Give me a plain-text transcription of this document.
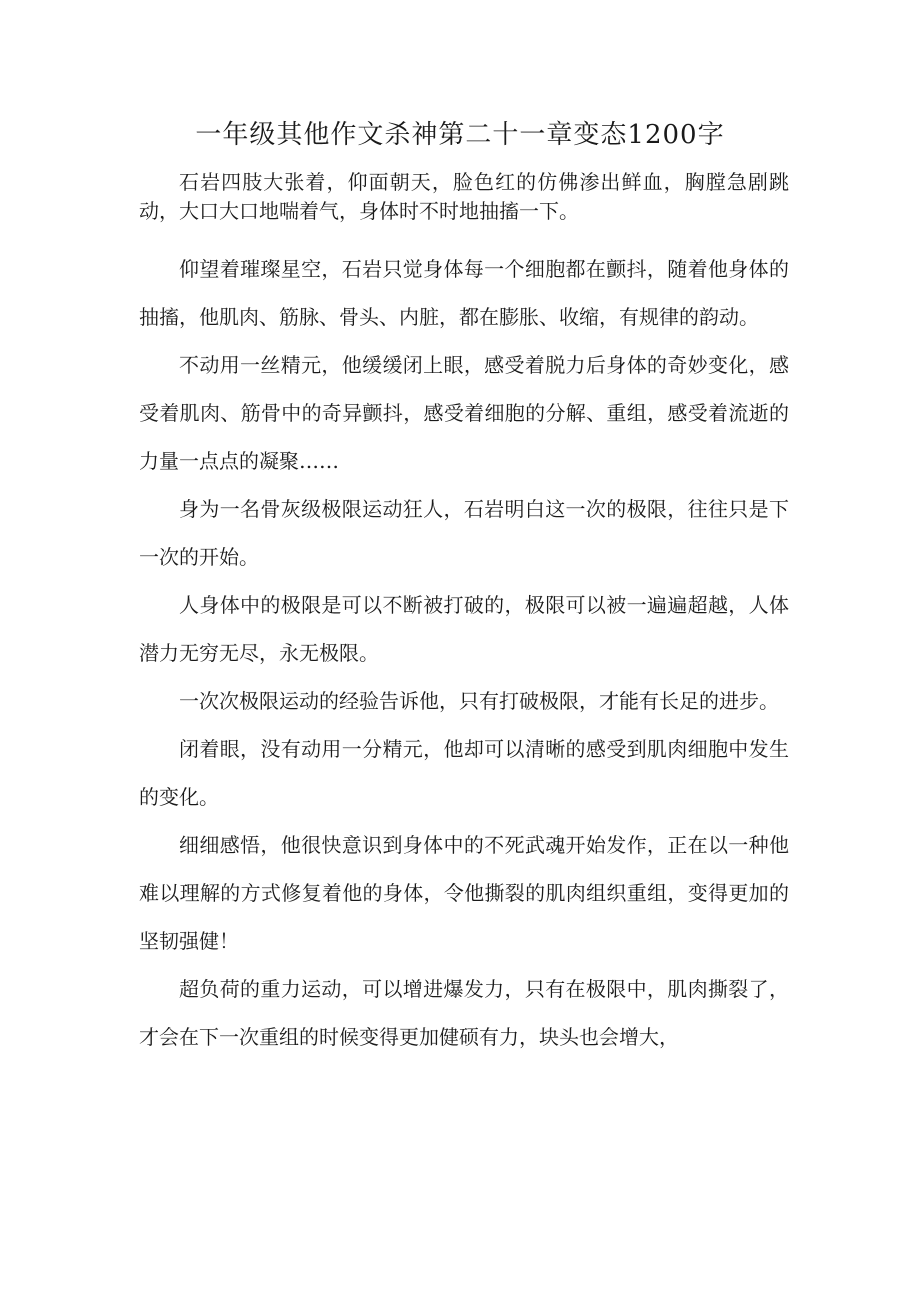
一年级其他作文杀神第二十一章变态1200字

石岩四肢大张着，仰面朝天，脸色红的仿佛渗出鲜血，胸膛急剧跳动，大口大口地喘着气，身体时不时地抽搐一下。

仰望着璀璨星空，石岩只觉身体每一个细胞都在颤抖，随着他身体的抽搐，他肌肉、筋脉、骨头、内脏，都在膨胀、收缩，有规律的韵动。

不动用一丝精元，他缓缓闭上眼，感受着脱力后身体的奇妙变化，感受着肌肉、筋骨中的奇异颤抖，感受着细胞的分解、重组，感受着流逝的力量一点点的凝聚……

身为一名骨灰级极限运动狂人，石岩明白这一次的极限，往往只是下一次的开始。

人身体中的极限是可以不断被打破的，极限可以被一遍遍超越，人体潜力无穷无尽，永无极限。

一次次极限运动的经验告诉他，只有打破极限，才能有长足的进步。

闭着眼，没有动用一分精元，他却可以清晰的感受到肌肉细胞中发生的变化。

细细感悟，他很快意识到身体中的不死武魂开始发作，正在以一种他难以理解的方式修复着他的身体，令他撕裂的肌肉组织重组，变得更加的坚韧强健！

超负荷的重力运动，可以增进爆发力，只有在极限中，肌肉撕裂了，才会在下一次重组的时候变得更加健硕有力，块头也会增大，
